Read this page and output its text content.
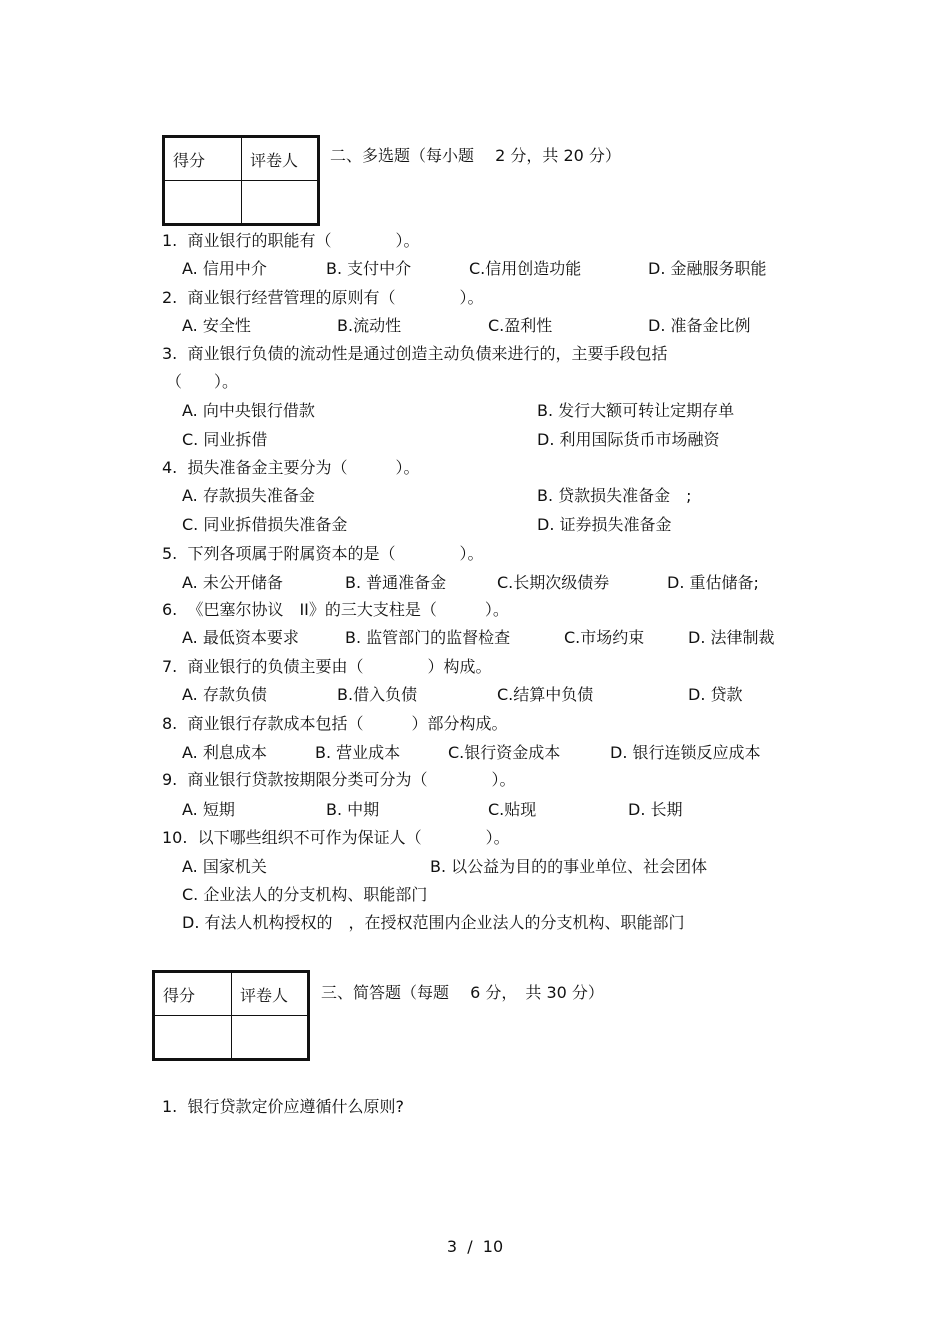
得分	评卷人
	二、多选题（每小题　 2 分，共 20 分）
1.  商业银行的职能有（　　　　）。
A. 信用中介	B. 支付中介	C.信用创造功能	D. 金融服务职能
2.  商业银行经营管理的原则有（　　　　）。
A. 安全性	B.流动性	C.盈利性	D. 准备金比例
3.  商业银行负债的流动性是通过创造主动负债来进行的，主要手段包括
（　　）。
A. 向中央银行借款	B. 发行大额可转让定期存单
C. 同业拆借	D. 利用国际货币市场融资
4.  损失准备金主要分为（　　　）。
A. 存款损失准备金	B. 贷款损失准备金　;
C. 同业拆借损失准备金	D. 证券损失准备金
5.  下列各项属于附属资本的是（　　　　）。
A. 未公开储备	B. 普通准备金	C.长期次级债券	D. 重估储备;
6.  《巴塞尔协议　II》的三大支柱是（　　　）。
A. 最低资本要求	B. 监管部门的监督检查	C.市场约束	D. 法律制裁
7.  商业银行的负债主要由（　　　　）构成。
A. 存款负债	B.借入负债	C.结算中负债	D. 贷款
8.  商业银行存款成本包括（　　　）部分构成。
A. 利息成本	B. 营业成本	C.银行资金成本	D. 银行连锁反应成本
9.  商业银行贷款按期限分类可分为（　　　　）。
A. 短期	B. 中期	C.贴现	D. 长期
10.  以下哪些组织不可作为保证人（　　　　）。
A. 国家机关	B. 以公益为目的的事业单位、社会团体
C. 企业法人的分支机构、职能部门
D. 有法人机构授权的　，在授权范围内企业法人的分支机构、职能部门
得分	评卷人
	三、简答题（每题　 6 分，　共 30 分）
1.  银行贷款定价应遵循什么原则?
3  /  10
